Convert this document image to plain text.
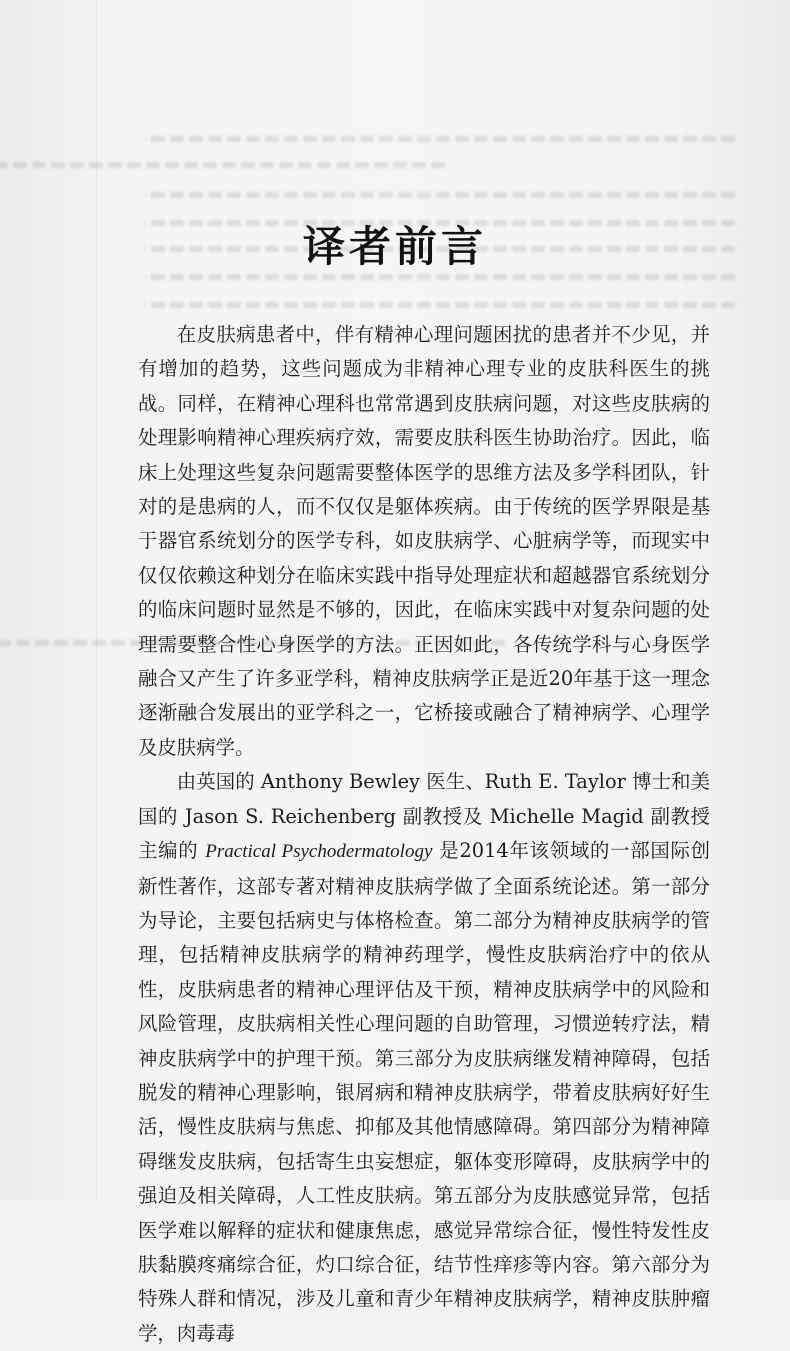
译者前言

在皮肤病患者中，伴有精神心理问题困扰的患者并不少见，并有增加的趋势，这些问题成为非精神心理专业的皮肤科医生的挑战。同样，在精神心理科也常常遇到皮肤病问题，对这些皮肤病的处理影响精神心理疾病疗效，需要皮肤科医生协助治疗。因此，临床上处理这些复杂问题需要整体医学的思维方法及多学科团队，针对的是患病的人，而不仅仅是躯体疾病。由于传统的医学界限是基于器官系统划分的医学专科，如皮肤病学、心脏病学等，而现实中仅仅依赖这种划分在临床实践中指导处理症状和超越器官系统划分的临床问题时显然是不够的，因此，在临床实践中对复杂问题的处理需要整合性心身医学的方法。正因如此，各传统学科与心身医学融合又产生了许多亚学科，精神皮肤病学正是近20年基于这一理念逐渐融合发展出的亚学科之一，它桥接或融合了精神病学、心理学及皮肤病学。

由英国的 Anthony Bewley 医生、Ruth E. Taylor 博士和美国的 Jason S. Reichenberg 副教授及 Michelle Magid 副教授主编的 Practical Psychodermatology 是2014年该领域的一部国际创新性著作，这部专著对精神皮肤病学做了全面系统论述。第一部分为导论，主要包括病史与体格检查。第二部分为精神皮肤病学的管理，包括精神皮肤病学的精神药理学，慢性皮肤病治疗中的依从性，皮肤病患者的精神心理评估及干预，精神皮肤病学中的风险和风险管理，皮肤病相关性心理问题的自助管理，习惯逆转疗法，精神皮肤病学中的护理干预。第三部分为皮肤病继发精神障碍，包括脱发的精神心理影响，银屑病和精神皮肤病学，带着皮肤病好好生活，慢性皮肤病与焦虑、抑郁及其他情感障碍。第四部分为精神障碍继发皮肤病，包括寄生虫妄想症，躯体变形障碍，皮肤病学中的强迫及相关障碍，人工性皮肤病。第五部分为皮肤感觉异常，包括医学难以解释的症状和健康焦虑，感觉异常综合征，慢性特发性皮肤黏膜疼痛综合征，灼口综合征，结节性痒疹等内容。第六部分为特殊人群和情况，涉及儿童和青少年精神皮肤病学，精神皮肤肿瘤学，肉毒毒
